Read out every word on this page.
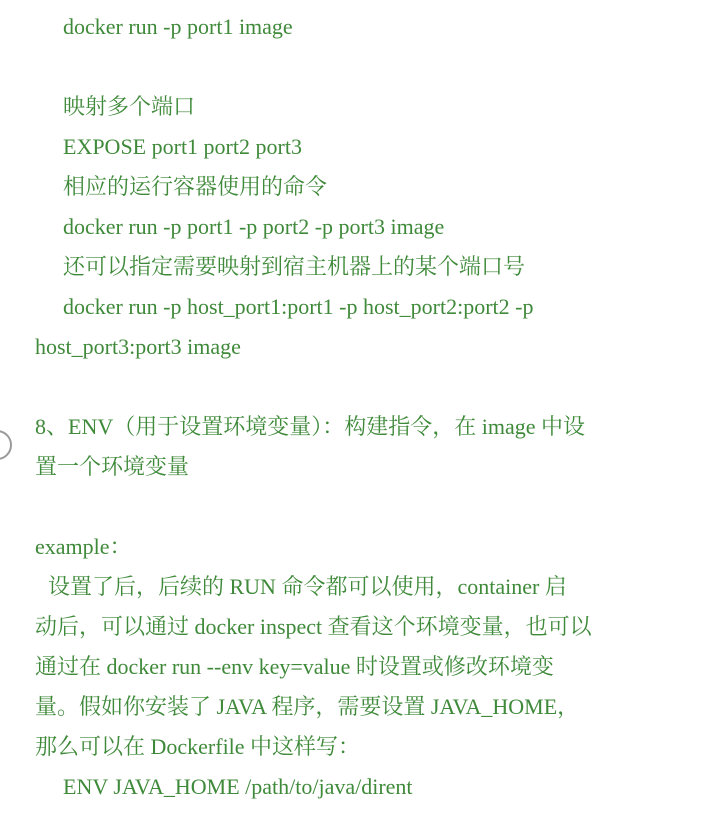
docker run -p port1 image
映射多个端口
EXPOSE port1 port2 port3
相应的运行容器使用的命令
docker run -p port1 -p port2 -p port3 image
还可以指定需要映射到宿主机器上的某个端口号
docker run -p host_port1:port1 -p host_port2:port2 -p
host_port3:port3 image
8、ENV（用于设置环境变量）：构建指令，在 image 中设
置一个环境变量
example：
设置了后，后续的 RUN 命令都可以使用，container 启
动后，可以通过 docker inspect 查看这个环境变量，也可以
通过在 docker run --env key=value 时设置或修改环境变
量。假如你安装了 JAVA 程序，需要设置 JAVA_HOME，
那么可以在 Dockerfile 中这样写：
ENV JAVA_HOME /path/to/java/dirent
